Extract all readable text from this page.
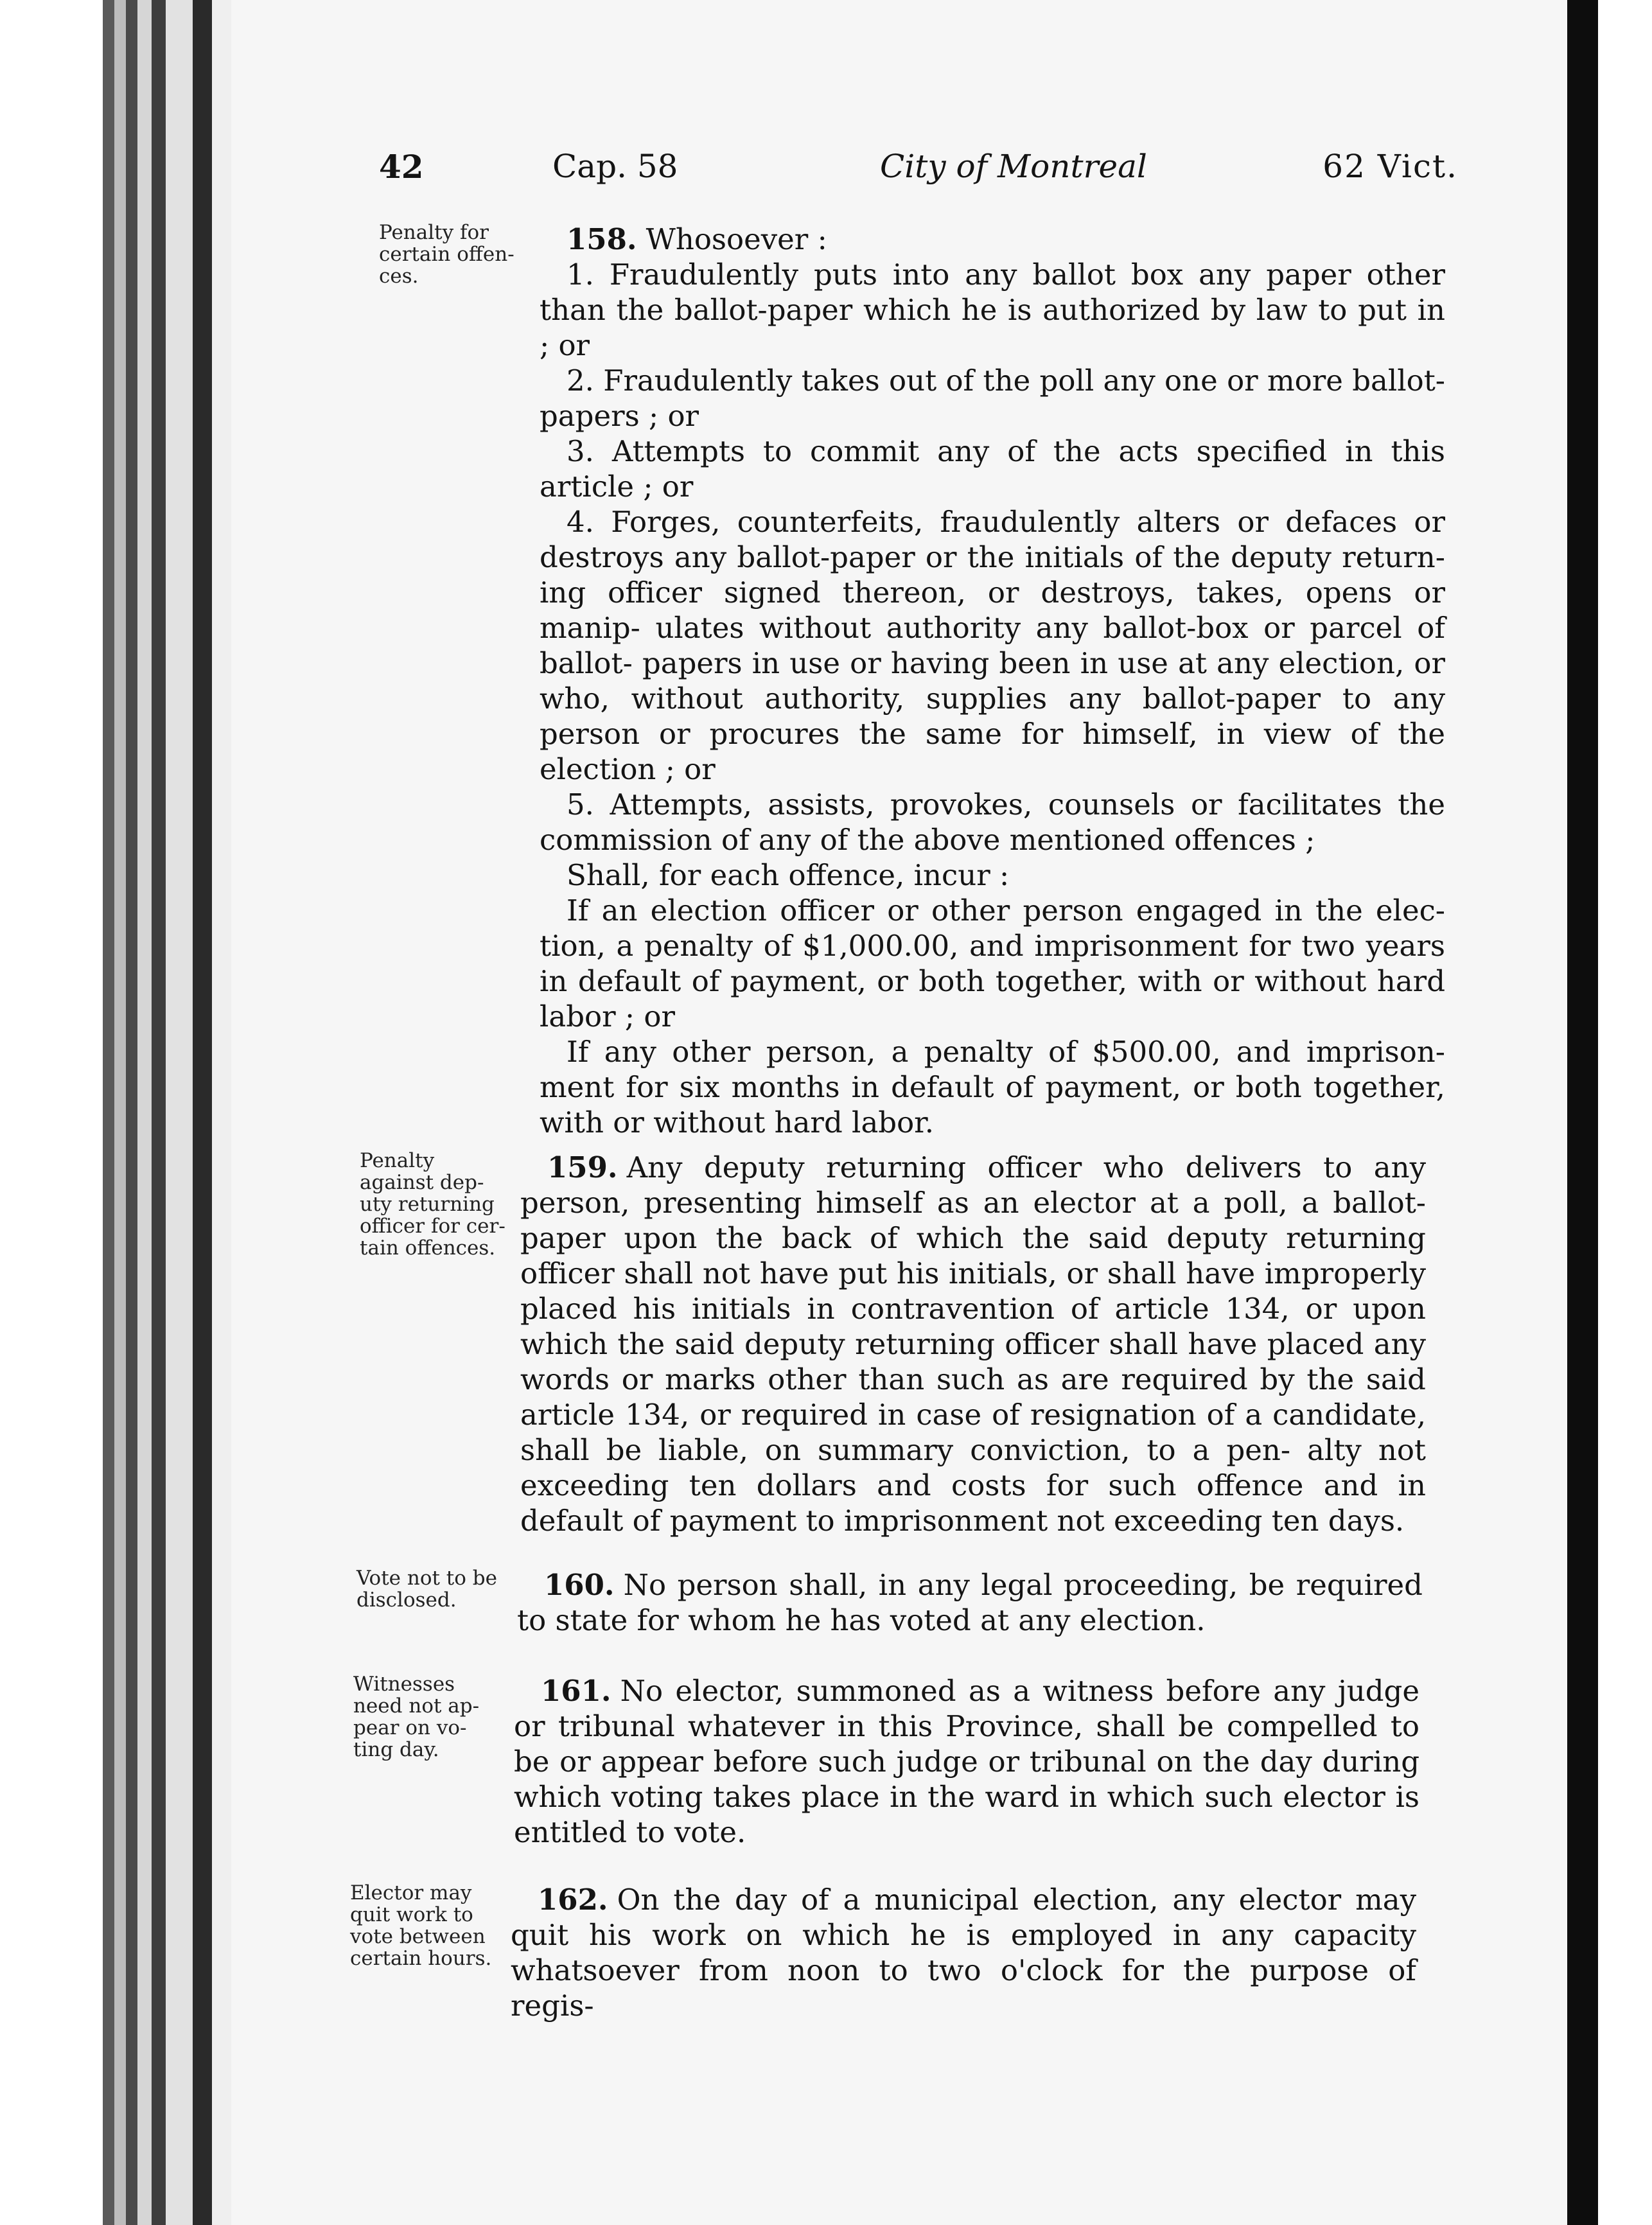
42	Cap. 58	City of Montreal	62 Vict.
Penalty for certain offen- ces.

158. Whosoever :

1. Fraudulently puts into any ballot box any paper other than the ballot-paper which he is authorized by law to put in ; or

2. Fraudulently takes out of the poll any one or more ballot-papers ; or

3. Attempts to commit any of the acts specified in this article ; or

4. Forges, counterfeits, fraudulently alters or defaces or destroys any ballot-paper or the initials of the deputy return- ing officer signed thereon, or destroys, takes, opens or manip- ulates without authority any ballot-box or parcel of ballot- papers in use or having been in use at any election, or who, without authority, supplies any ballot-paper to any person or procures the same for himself, in view of the election ; or

5. Attempts, assists, provokes, counsels or facilitates the commission of any of the above mentioned offences ;

Shall, for each offence, incur :

If an election officer or other person engaged in the elec- tion, a penalty of $1,000.00, and imprisonment for two years in default of payment, or both together, with or without hard labor ; or

If any other person, a penalty of $500.00, and imprison- ment for six months in default of payment, or both together, with or without hard labor.

Penalty against dep- uty returning officer for cer- tain offences.

159. Any deputy returning officer who delivers to any person, presenting himself as an elector at a poll, a ballot- paper upon the back of which the said deputy returning officer shall not have put his initials, or shall have improperly placed his initials in contravention of article 134, or upon which the said deputy returning officer shall have placed any words or marks other than such as are required by the said article 134, or required in case of resignation of a candidate, shall be liable, on summary conviction, to a pen- alty not exceeding ten dollars and costs for such offence and in default of payment to imprisonment not exceeding ten days.

Vote not to be disclosed.	160. No person shall, in any legal proceeding, be required to state for whom he has voted at any election.

Witnesses need not ap- pear on vo- ting day.

161. No elector, summoned as a witness before any judge or tribunal whatever in this Province, shall be compelled to be or appear before such judge or tribunal on the day during which voting takes place in the ward in which such elector is entitled to vote.

Elector may quit work to vote between certain hours.

162. On the day of a municipal election, any elector may quit his work on which he is employed in any capacity whatsoever from noon to two o'clock for the purpose of regis-
